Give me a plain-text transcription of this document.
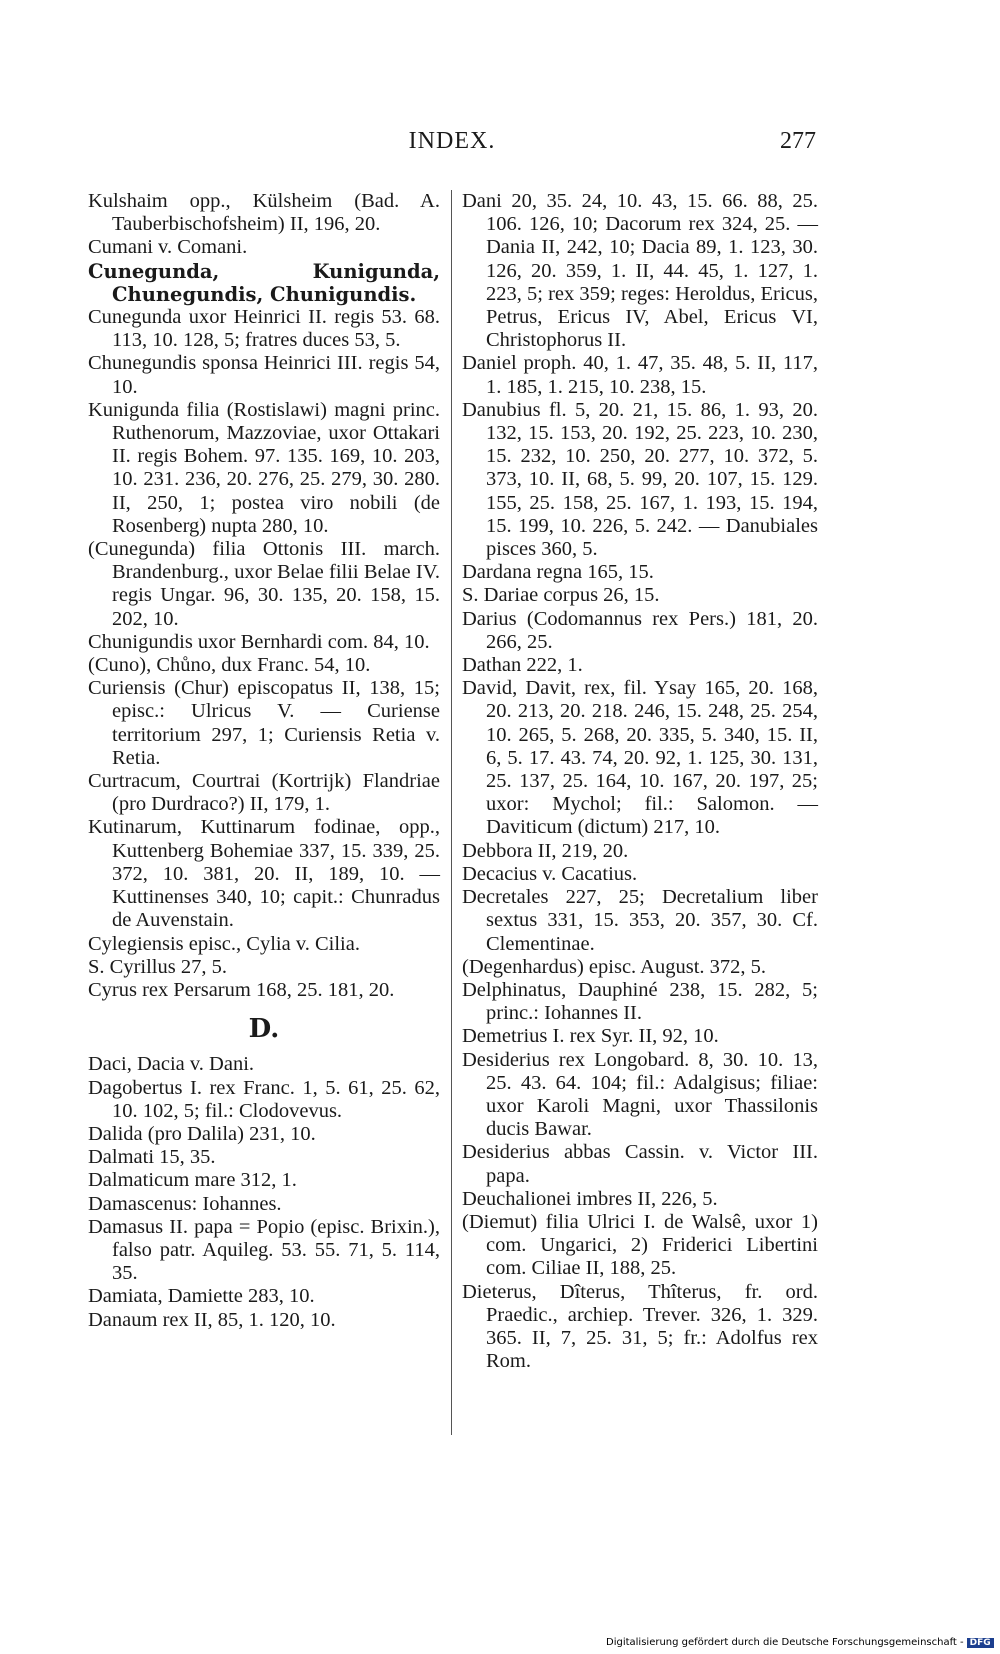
INDEX.	277

Kulshaim opp., Külsheim (Bad. A. Tauberbischofsheim) II, 196, 20.

Cumani v. Comani.

Cunegunda, Kunigunda, Chunegundis, Chunigundis.

Cunegunda uxor Heinrici II. regis 53. 68. 113, 10. 128, 5; fratres duces 53, 5.

Chunegundis sponsa Heinrici III. regis 54, 10.

Kunigunda filia (Rostislawi) magni princ. Ruthenorum, Mazzoviae, uxor Ottakari II. regis Bohem. 97. 135. 169, 10. 203, 10. 231. 236, 20. 276, 25. 279, 30. 280. II, 250, 1; postea viro nobili (de Rosenberg) nupta 280, 10.

(Cunegunda) filia Ottonis III. march. Brandenburg., uxor Belae filii Belae IV. regis Ungar. 96, 30. 135, 20. 158, 15. 202, 10.

Chunigundis uxor Bernhardi com. 84, 10.

(Cuno), Chůno, dux Franc. 54, 10.

Curiensis (Chur) episcopatus II, 138, 15; episc.: Ulricus V. — Curiense territorium 297, 1; Curiensis Retia v. Retia.

Curtracum, Courtrai (Kortrijk) Flandriae (pro Durdraco?) II, 179, 1.

Kutinarum, Kuttinarum fodinae, opp., Kuttenberg Bohemiae 337, 15. 339, 25. 372, 10. 381, 20. II, 189, 10. — Kuttinenses 340, 10; capit.: Chunradus de Auvenstain.

Cylegiensis episc., Cylia v. Cilia.

S. Cyrillus 27, 5.

Cyrus rex Persarum 168, 25. 181, 20.

D.

Daci, Dacia v. Dani.

Dagobertus I. rex Franc. 1, 5. 61, 25. 62, 10. 102, 5; fil.: Clodovevus.

Dalida (pro Dalila) 231, 10.

Dalmati 15, 35.

Dalmaticum mare 312, 1.

Damascenus: Iohannes.

Damasus II. papa = Popio (episc. Brixin.), falso patr. Aquileg. 53. 55. 71, 5. 114, 35.

Damiata, Damiette 283, 10.

Danaum rex II, 85, 1. 120, 10.

Dani 20, 35. 24, 10. 43, 15. 66. 88, 25. 106. 126, 10; Dacorum rex 324, 25. — Dania II, 242, 10; Dacia 89, 1. 123, 30. 126, 20. 359, 1. II, 44. 45, 1. 127, 1. 223, 5; rex 359; reges: Heroldus, Ericus, Petrus, Ericus IV, Abel, Ericus VI, Christophorus II.

Daniel proph. 40, 1. 47, 35. 48, 5. II, 117, 1. 185, 1. 215, 10. 238, 15.

Danubius fl. 5, 20. 21, 15. 86, 1. 93, 20. 132, 15. 153, 20. 192, 25. 223, 10. 230, 15. 232, 10. 250, 20. 277, 10. 372, 5. 373, 10. II, 68, 5. 99, 20. 107, 15. 129. 155, 25. 158, 25. 167, 1. 193, 15. 194, 15. 199, 10. 226, 5. 242. — Danubiales pisces 360, 5.

Dardana regna 165, 15.

S. Dariae corpus 26, 15.

Darius (Codomannus rex Pers.) 181, 20. 266, 25.

Dathan 222, 1.

David, Davit, rex, fil. Ysay 165, 20. 168, 20. 213, 20. 218. 246, 15. 248, 25. 254, 10. 265, 5. 268, 20. 335, 5. 340, 15. II, 6, 5. 17. 43. 74, 20. 92, 1. 125, 30. 131, 25. 137, 25. 164, 10. 167, 20. 197, 25; uxor: Mychol; fil.: Salomon. — Daviticum (dictum) 217, 10.

Debbora II, 219, 20.

Decacius v. Cacatius.

Decretales 227, 25; Decretalium liber sextus 331, 15. 353, 20. 357, 30. Cf. Clementinae.

(Degenhardus) episc. August. 372, 5.

Delphinatus, Dauphiné 238, 15. 282, 5; princ.: Iohannes II.

Demetrius I. rex Syr. II, 92, 10.

Desiderius rex Longobard. 8, 30. 10. 13, 25. 43. 64. 104; fil.: Adalgisus; filiae: uxor Karoli Magni, uxor Thassilonis ducis Bawar.

Desiderius abbas Cassin. v. Victor III. papa.

Deuchalionei imbres II, 226, 5.

(Diemut) filia Ulrici I. de Walsê, uxor 1) com. Ungarici, 2) Friderici Libertini com. Ciliae II, 188, 25.

Dieterus, Dîterus, Thîterus, fr. ord. Praedic., archiep. Trever. 326, 1. 329. 365. II, 7, 25. 31, 5; fr.: Adolfus rex Rom.

Digitalisierung gefördert durch die Deutsche Forschungsgemeinschaft - DFG
